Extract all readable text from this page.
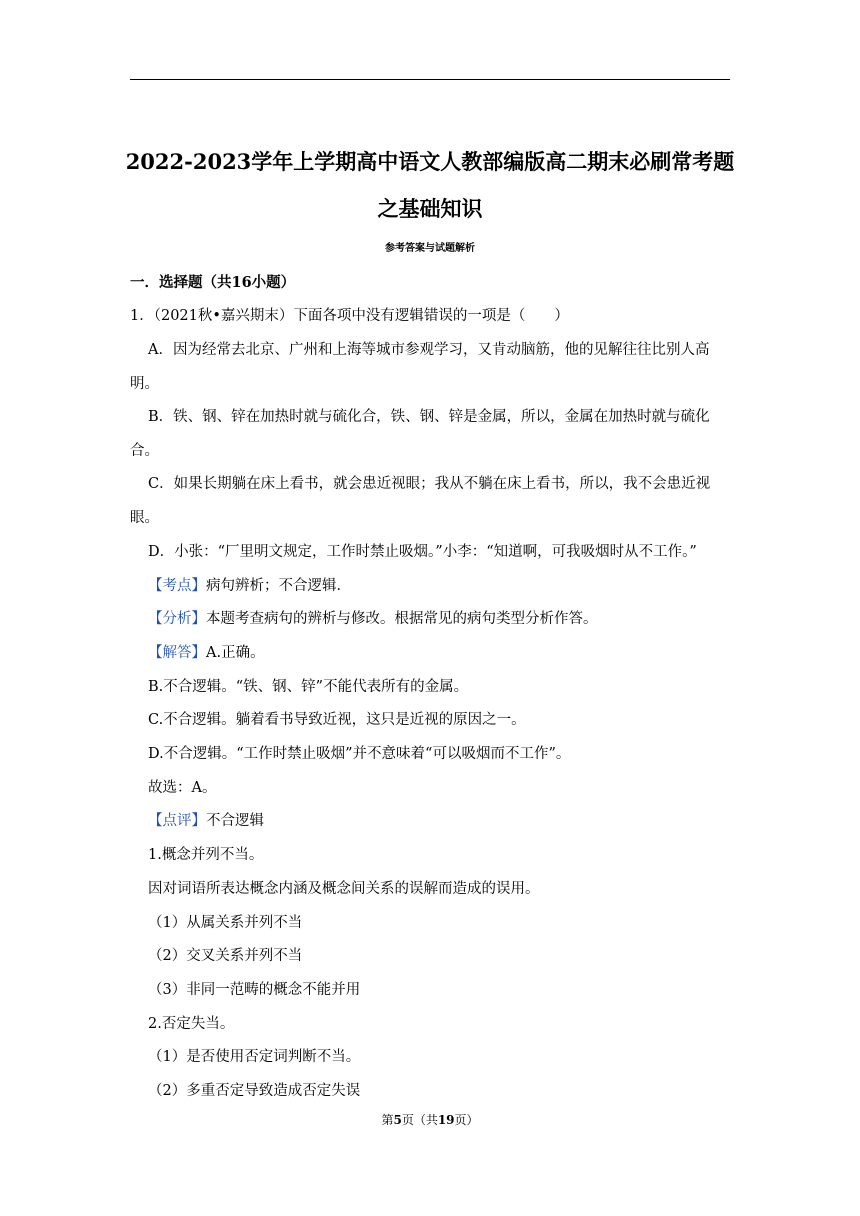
2022-2023学年上学期高中语文人教部编版高二期末必刷常考题
之基础知识
参考答案与试题解析
一．选择题（共16小题）
1．（2021秋•嘉兴期末）下面各项中没有逻辑错误的一项是（　　）
A．因为经常去北京、广州和上海等城市参观学习，又肯动脑筋，他的见解往往比别人高
明。
B．铁、钢、锌在加热时就与硫化合，铁、钢、锌是金属，所以，金属在加热时就与硫化
合。
C．如果长期躺在床上看书，就会患近视眼；我从不躺在床上看书，所以，我不会患近视
眼。
D．小张：“厂里明文规定，工作时禁止吸烟。”小李：“知道啊，可我吸烟时从不工作。”
【考点】病句辨析；不合逻辑．
【分析】本题考查病句的辨析与修改。根据常见的病句类型分析作答。
【解答】A.正确。
B.不合逻辑。“铁、钢、锌”不能代表所有的金属。
C.不合逻辑。躺着看书导致近视，这只是近视的原因之一。
D.不合逻辑。“工作时禁止吸烟”并不意味着“可以吸烟而不工作”。
故选：A。
【点评】不合逻辑
1.概念并列不当。
因对词语所表达概念内涵及概念间关系的误解而造成的误用。
（1）从属关系并列不当
（2）交叉关系并列不当
（3）非同一范畴的概念不能并用
2.否定失当。
（1）是否使用否定词判断不当。
（2）多重否定导致造成否定失误
第5页（共19页）
